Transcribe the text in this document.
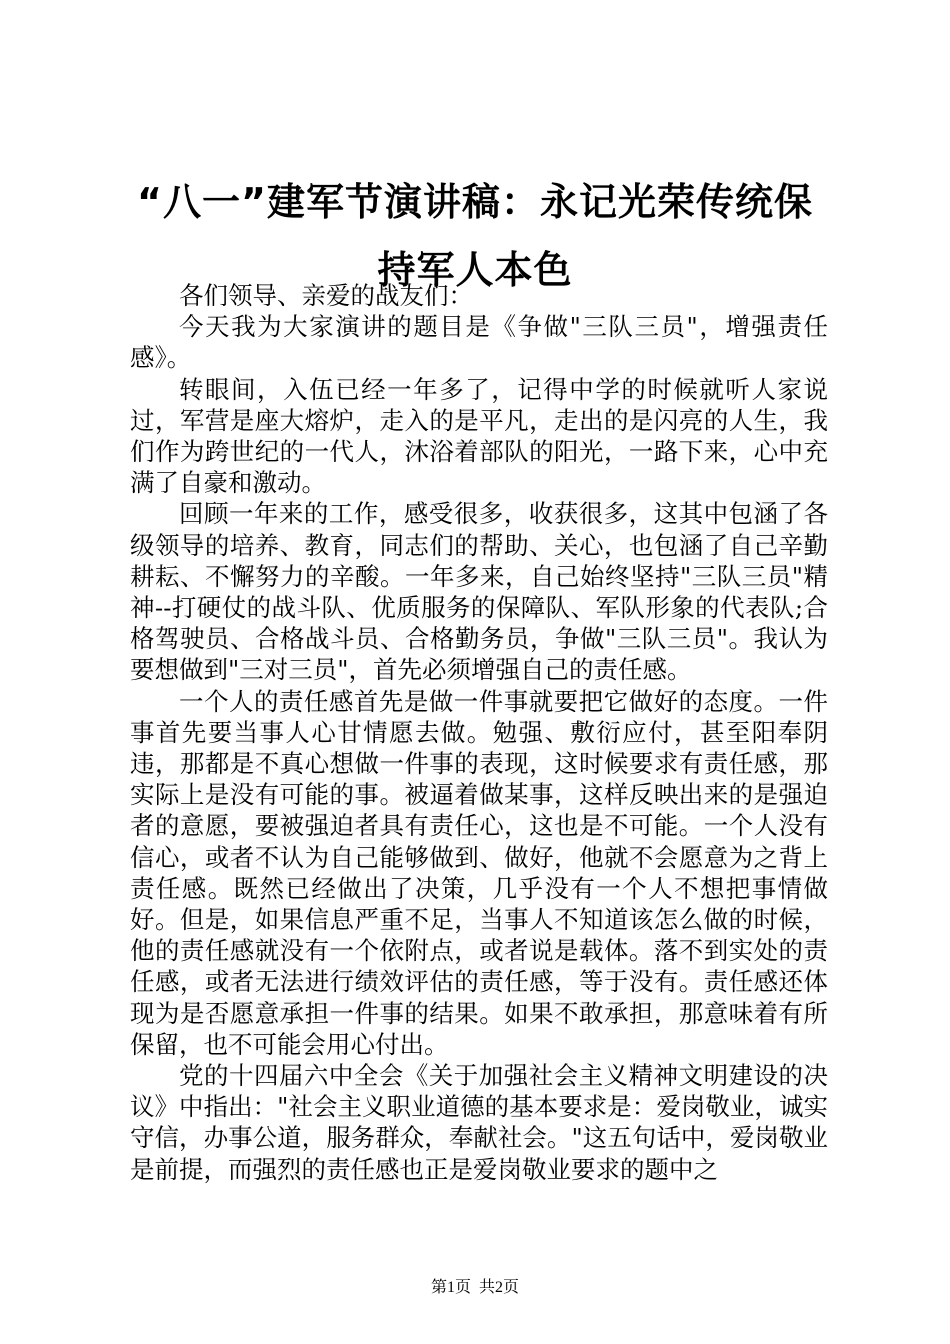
“八一”建军节演讲稿：永记光荣传统保持军人本色

各们领导、亲爱的战友们：

今天我为大家演讲的题目是《争做"三队三员"，增强责任感》。

转眼间，入伍已经一年多了，记得中学的时候就听人家说过，军营是座大熔炉，走入的是平凡，走出的是闪亮的人生，我们作为跨世纪的一代人，沐浴着部队的阳光，一路下来，心中充满了自豪和激动。

回顾一年来的工作，感受很多，收获很多，这其中包涵了各级领导的培养、教育，同志们的帮助、关心，也包涵了自己辛勤耕耘、不懈努力的辛酸。一年多来，自己始终坚持"三队三员"精神--打硬仗的战斗队、优质服务的保障队、军队形象的代表队;合格驾驶员、合格战斗员、合格勤务员，争做"三队三员"。我认为要想做到"三对三员"，首先必须增强自己的责任感。

一个人的责任感首先是做一件事就要把它做好的态度。一件事首先要当事人心甘情愿去做。勉强、敷衍应付，甚至阳奉阴违，那都是不真心想做一件事的表现，这时候要求有责任感，那实际上是没有可能的事。被逼着做某事，这样反映出来的是强迫者的意愿，要被强迫者具有责任心，这也是不可能。一个人没有信心，或者不认为自己能够做到、做好，他就不会愿意为之背上责任感。既然已经做出了决策，几乎没有一个人不想把事情做好。但是，如果信息严重不足，当事人不知道该怎么做的时候，他的责任感就没有一个依附点，或者说是载体。落不到实处的责任感，或者无法进行绩效评估的责任感，等于没有。责任感还体现为是否愿意承担一件事的结果。如果不敢承担，那意味着有所保留，也不可能会用心付出。

党的十四届六中全会《关于加强社会主义精神文明建设的决议》中指出："社会主义职业道德的基本要求是：爱岗敬业，诚实守信，办事公道，服务群众，奉献社会。"这五句话中，爱岗敬业是前提，而强烈的责任感也正是爱岗敬业要求的题中之

第1页 共2页
